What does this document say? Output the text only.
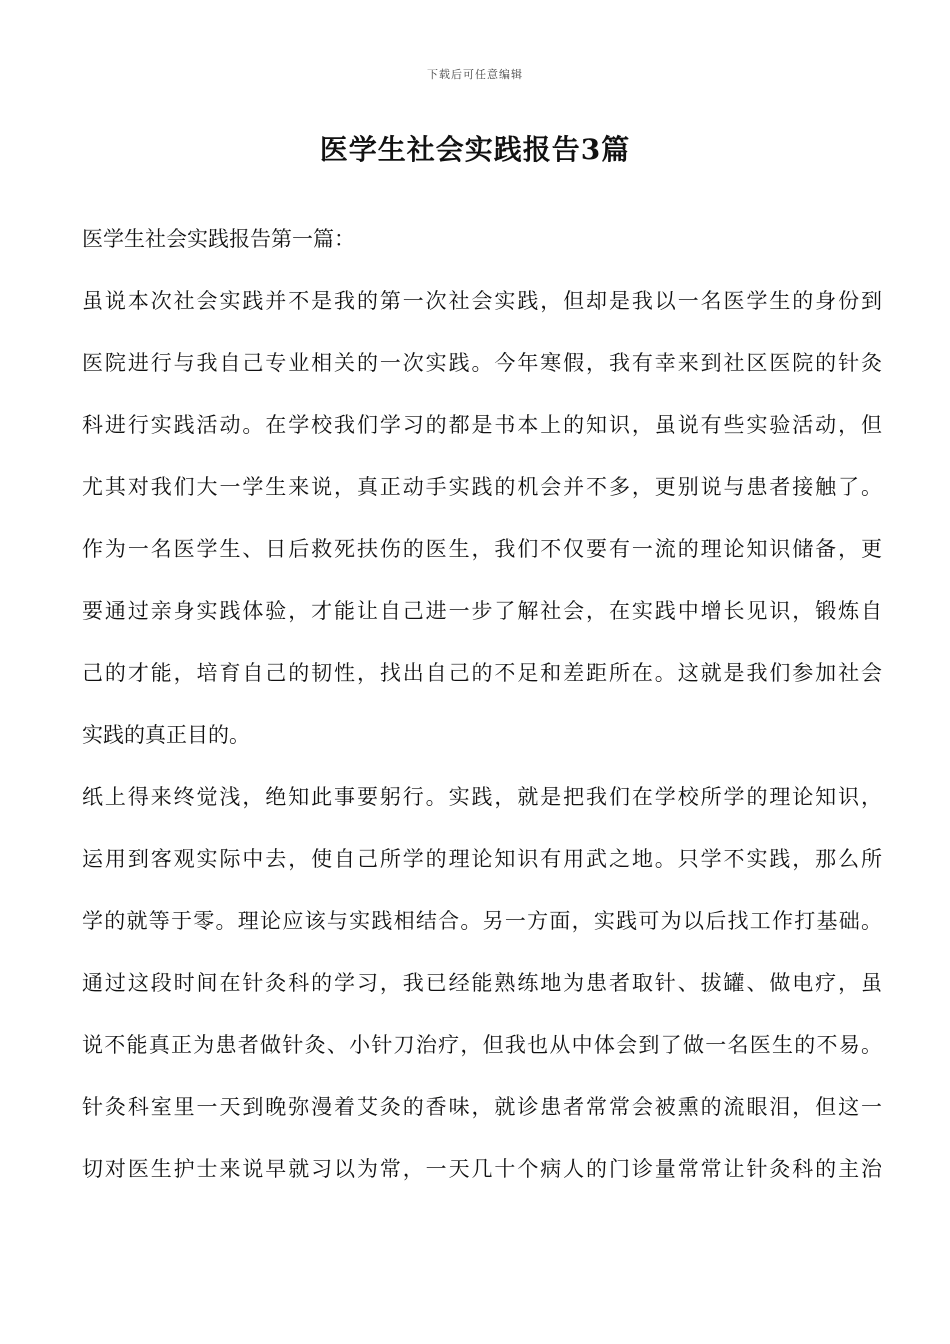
下载后可任意编辑
医学生社会实践报告3篇
医学生社会实践报告第一篇：
虽说本次社会实践并不是我的第一次社会实践，但却是我以一名医学生的身份到
医院进行与我自己专业相关的一次实践。今年寒假，我有幸来到社区医院的针灸
科进行实践活动。在学校我们学习的都是书本上的知识，虽说有些实验活动，但
尤其对我们大一学生来说，真正动手实践的机会并不多，更别说与患者接触了。
作为一名医学生、日后救死扶伤的医生，我们不仅要有一流的理论知识储备，更
要通过亲身实践体验，才能让自己进一步了解社会，在实践中增长见识，锻炼自
己的才能，培育自己的韧性，找出自己的不足和差距所在。这就是我们参加社会
实践的真正目的。
纸上得来终觉浅，绝知此事要躬行。实践，就是把我们在学校所学的理论知识，
运用到客观实际中去，使自己所学的理论知识有用武之地。只学不实践，那么所
学的就等于零。理论应该与实践相结合。另一方面，实践可为以后找工作打基础。
通过这段时间在针灸科的学习，我已经能熟练地为患者取针、拔罐、做电疗，虽
说不能真正为患者做针灸、小针刀治疗，但我也从中体会到了做一名医生的不易。
针灸科室里一天到晚弥漫着艾灸的香味，就诊患者常常会被熏的流眼泪，但这一
切对医生护士来说早就习以为常，一天几十个病人的门诊量常常让针灸科的主治
